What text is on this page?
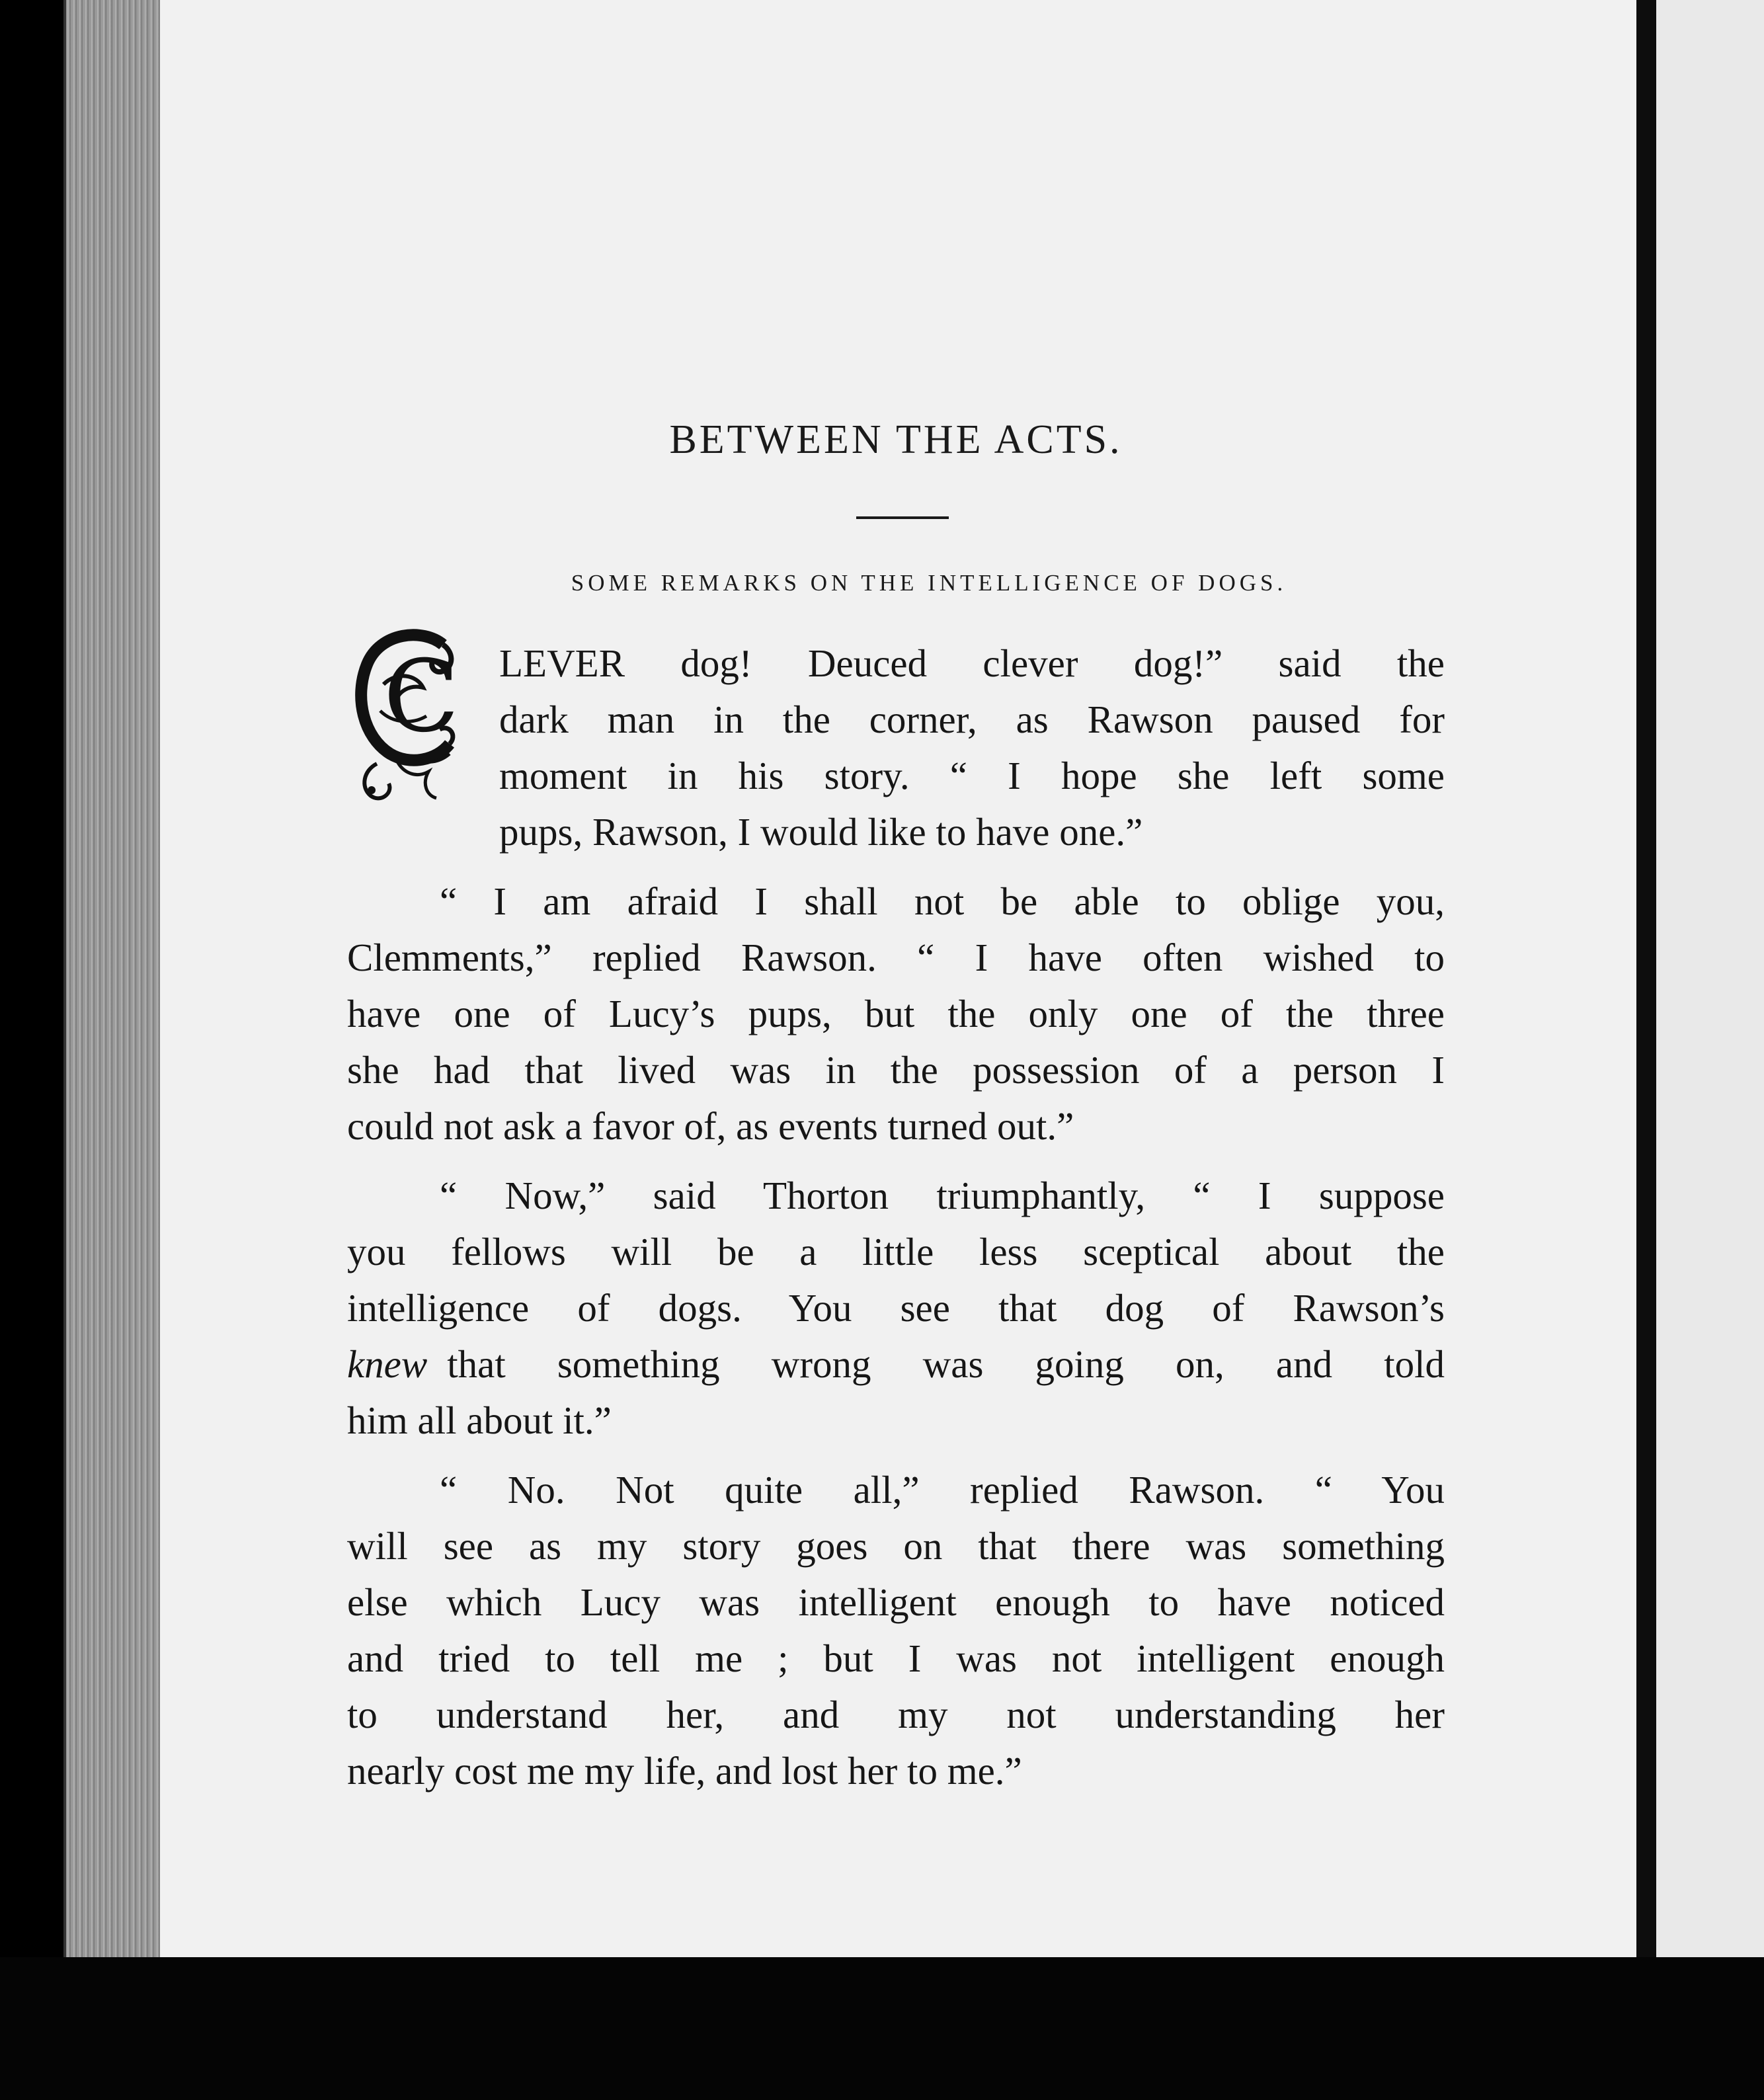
C
BETWEEN THE ACTS.
SOME REMARKS ON THE INTELLIGENCE OF DOGS.
LEVER dog! Deuced clever dog!” said the
dark man in the corner, as Rawson paused for
moment in his story. “ I hope she left some
pups, Rawson, I would like to have one.”
“ I am afraid I shall not be able to oblige you,
Clemments,” replied Rawson. “ I have often wished to
have one of Lucy’s pups, but the only one of the three
she had that lived was in the possession of a person I
could not ask a favor of, as events turned out.”
“ Now,” said Thorton triumphantly, “ I suppose
you fellows will be a little less sceptical about the
intelligence of dogs. You see that dog of Rawson’s
knew that something wrong was going on, and told
him all about it.”
“ No. Not quite all,” replied Rawson. “ You
will see as my story goes on that there was something
else which Lucy was intelligent enough to have noticed
and tried to tell me ; but I was not intelligent enough
to understand her, and my not understanding her
nearly cost me my life, and lost her to me.”
